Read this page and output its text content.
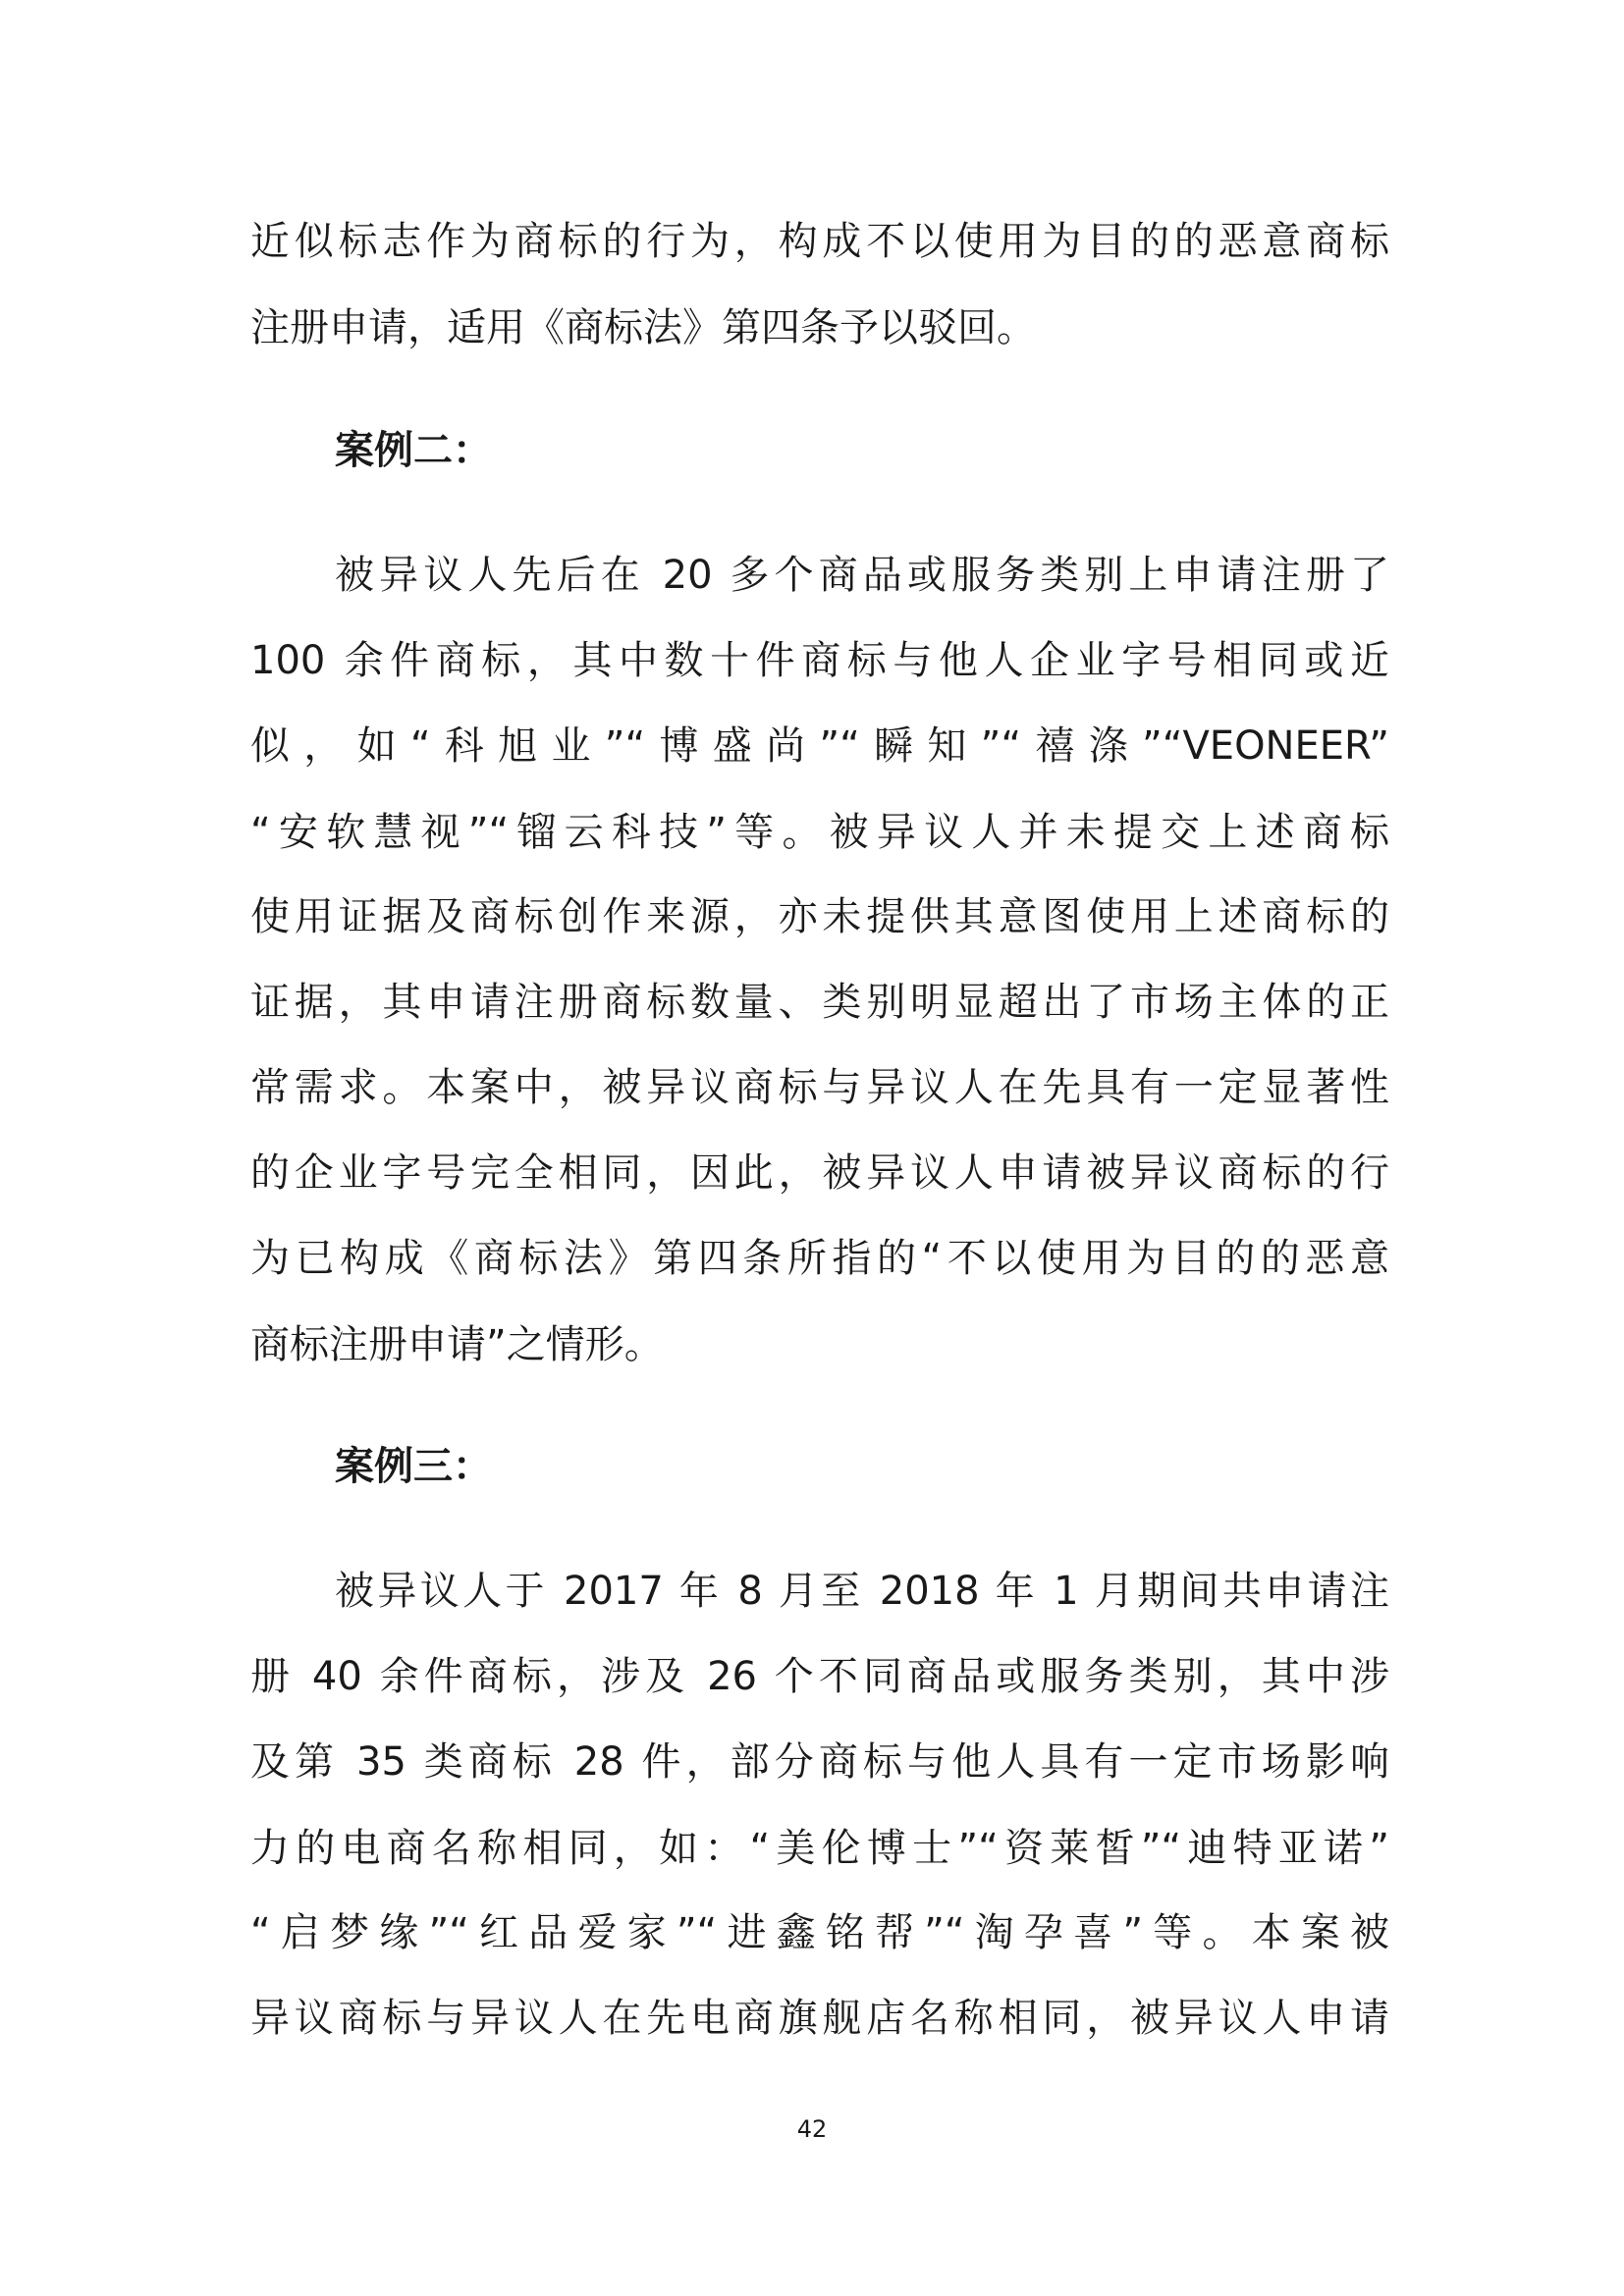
近似标志作为商标的行为，构成不以使用为目的的恶意商标

注册申请，适用《商标法》第四条予以驳回。

案例二：

被异议人先后在 20 多个商品或服务类别上申请注册了

100 余件商标，其中数十件商标与他人企业字号相同或近

似，如“科旭业”“博盛尚”“瞬知”“禧涤”“VEONEER”

“安软慧视”“镏云科技”等。被异议人并未提交上述商标

使用证据及商标创作来源，亦未提供其意图使用上述商标的

证据，其申请注册商标数量、类别明显超出了市场主体的正

常需求。本案中，被异议商标与异议人在先具有一定显著性

的企业字号完全相同，因此，被异议人申请被异议商标的行

为已构成《商标法》第四条所指的“不以使用为目的的恶意

商标注册申请”之情形。

案例三：

被异议人于 2017 年 8 月至 2018 年 1 月期间共申请注

册 40 余件商标，涉及 26 个不同商品或服务类别，其中涉

及第 35 类商标 28 件，部分商标与他人具有一定市场影响

力的电商名称相同，如：“美伦博士”“资莱皙”“迪特亚诺”

“启梦缘”“红品爱家”“进鑫铭帮”“淘孕喜”等。本案被

异议商标与异议人在先电商旗舰店名称相同，被异议人申请

42
